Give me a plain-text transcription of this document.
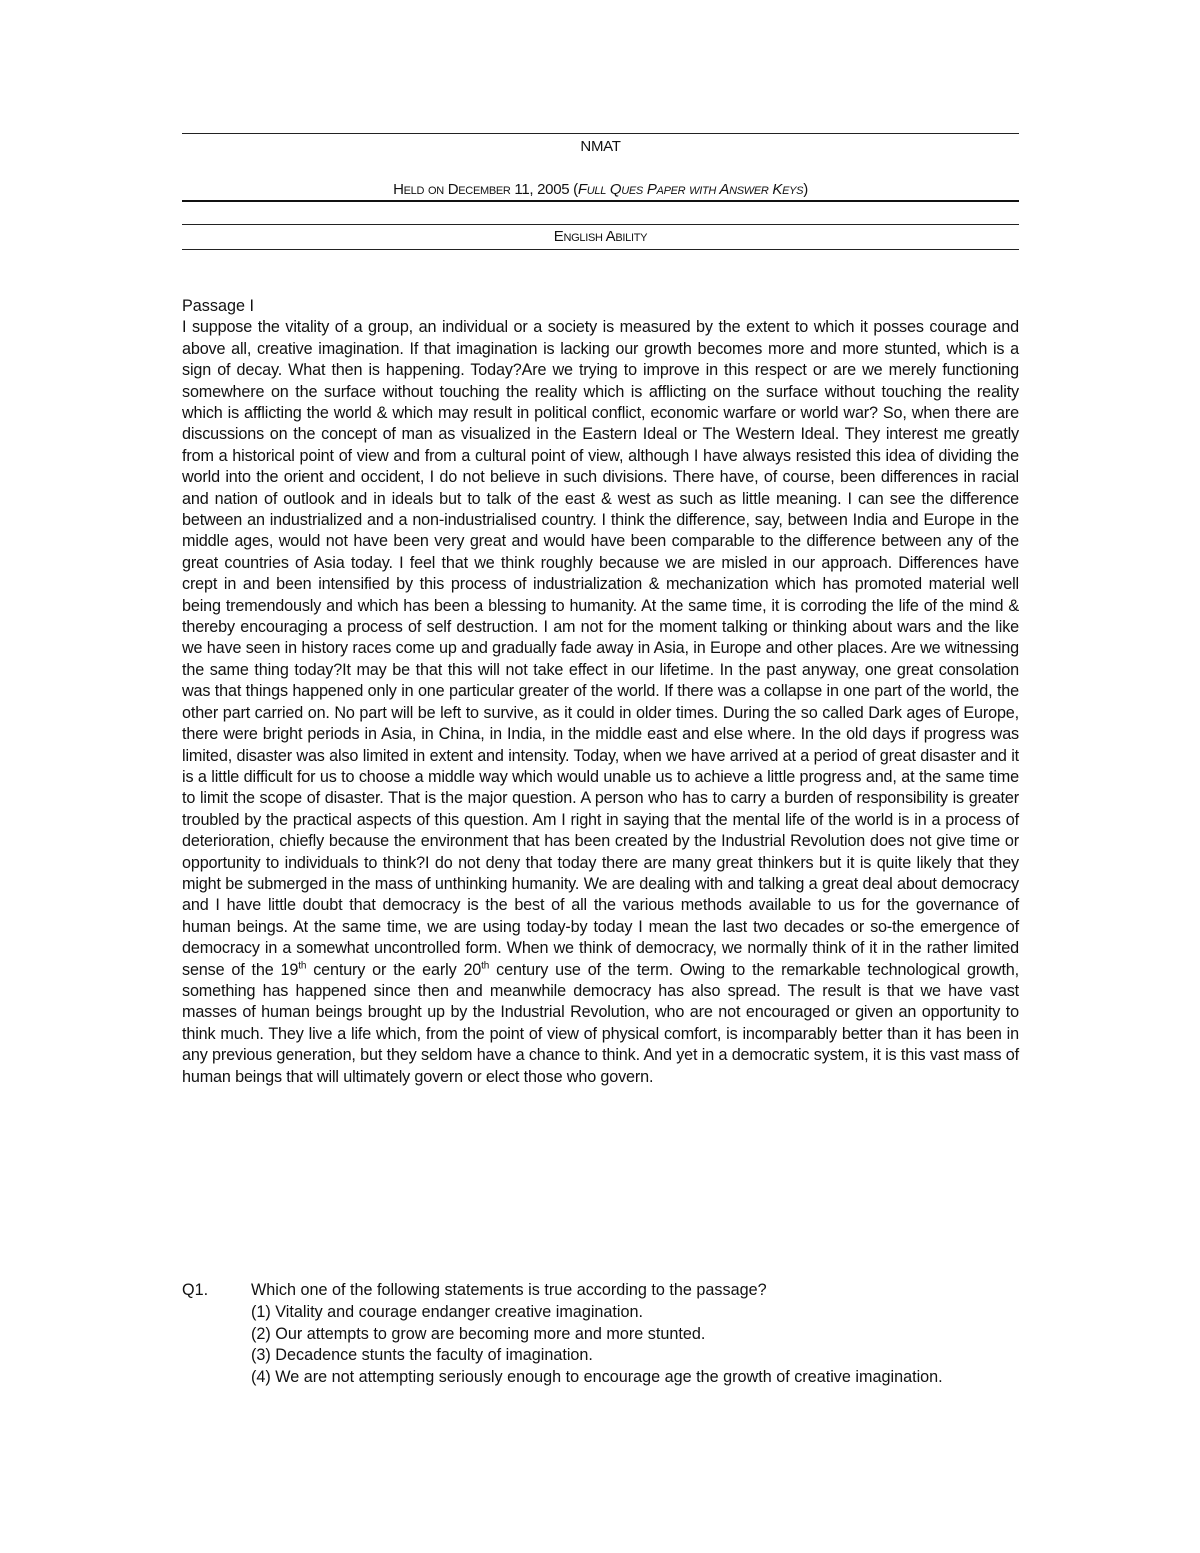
NMAT
Held on December 11, 2005 (Full Ques Paper with Answer Keys)
English Ability
Passage I
I suppose the vitality of a group, an individual or a society is measured by the extent to which it posses courage and above all, creative imagination. If that imagination is lacking our growth becomes more and more stunted, which is a sign of decay. What then is happening. Today?Are we trying to improve in this respect or are we merely functioning somewhere on the surface without touching the reality which is afflicting on the surface without touching the reality which is afflicting the world & which may result in political conflict, economic warfare or world war? So, when there are discussions on the concept of man as visualized in the Eastern Ideal or The Western Ideal. They interest me greatly from a historical point of view and from a cultural point of view, although I have always resisted this idea of dividing the world into the orient and occident, I do not believe in such divisions. There have, of course, been differences in racial and nation of outlook and in ideals but to talk of the east & west as such as little meaning. I can see the difference between an industrialized and a non-industrialised country. I think the difference, say, between India and Europe in the middle ages, would not have been very great and would have been comparable to the difference between any of the great countries of Asia today. I feel that we think roughly because we are misled in our approach. Differences have crept in and been intensified by this process of industrialization & mechanization which has promoted material well being tremendously and which has been a blessing to humanity. At the same time, it is corroding the life of the mind & thereby encouraging a process of self destruction. I am not for the moment talking or thinking about wars and the like we have seen in history races come up and gradually fade away in Asia, in Europe and other places. Are we witnessing the same thing today?It may be that this will not take effect in our lifetime. In the past anyway, one great consolation was that things happened only in one particular greater of the world. If there was a collapse in one part of the world, the other part carried on. No part will be left to survive, as it could in older times. During the so called Dark ages of Europe, there were bright periods in Asia, in China, in India, in the middle east and else where. In the old days if progress was limited, disaster was also limited in extent and intensity. Today, when we have arrived at a period of great disaster and it is a little difficult for us to choose a middle way which would unable us to achieve a little progress and, at the same time to limit the scope of disaster. That is the major question. A person who has to carry a burden of responsibility is greater troubled by the practical aspects of this question. Am I right in saying that the mental life of the world is in a process of deterioration, chiefly because the environment that has been created by the Industrial Revolution does not give time or opportunity to individuals to think?I do not deny that today there are many great thinkers but it is quite likely that they might be submerged in the mass of unthinking humanity. We are dealing with and talking a great deal about democracy and I have little doubt that democracy is the best of all the various methods available to us for the governance of human beings. At the same time, we are using today-by today I mean the last two decades or so-the emergence of democracy in a somewhat uncontrolled form. When we think of democracy, we normally think of it in the rather limited sense of the 19th century or the early 20th century use of the term. Owing to the remarkable technological growth, something has happened since then and meanwhile democracy has also spread. The result is that we have vast masses of human beings brought up by the Industrial Revolution, who are not encouraged or given an opportunity to think much. They live a life which, from the point of view of physical comfort, is incomparably better than it has been in any previous generation, but they seldom have a chance to think. And yet in a democratic system, it is this vast mass of human beings that will ultimately govern or elect those who govern.
Q1.	Which one of the following statements is true according to the passage?
(1) Vitality and courage endanger creative imagination.
(2) Our attempts to grow are becoming more and more stunted.
(3) Decadence stunts the faculty of imagination.
(4) We are not attempting seriously enough to encourage age the growth of creative imagination.
